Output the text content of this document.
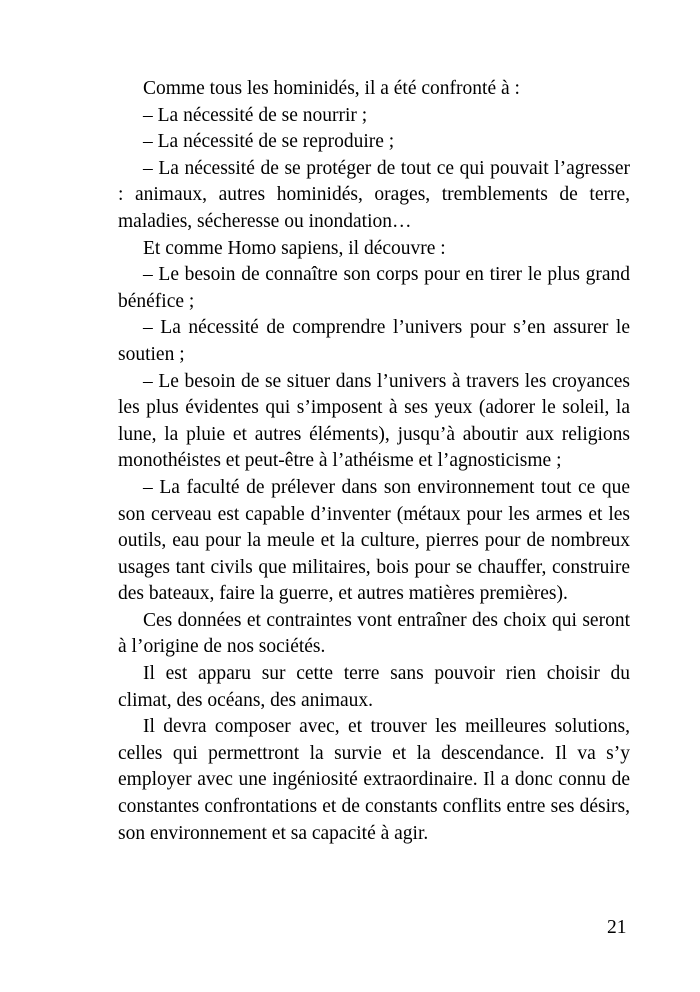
Comme tous les hominidés, il a été confronté à :

– La nécessité de se nourrir ;

– La nécessité de se reproduire ;

– La nécessité de se protéger de tout ce qui pouvait l’agresser : animaux, autres hominidés, orages, tremblements de terre, maladies, sécheresse ou inondation…

Et comme Homo sapiens, il découvre :

– Le besoin de connaître son corps pour en tirer le plus grand bénéfice ;

– La nécessité de comprendre l’univers pour s’en assurer le soutien ;

– Le besoin de se situer dans l’univers à travers les croyances les plus évidentes qui s’imposent à ses yeux (adorer le soleil, la lune, la pluie et autres éléments), jusqu’à aboutir aux religions monothéistes et peut-être à l’athéisme et l’agnosticisme ;

– La faculté de prélever dans son environnement tout ce que son cerveau est capable d’inventer (métaux pour les armes et les outils, eau pour la meule et la culture, pierres pour de nombreux usages tant civils que militaires, bois pour se chauffer, construire des bateaux, faire la guerre, et autres matières premières).

Ces données et contraintes vont entraîner des choix qui seront à l’origine de nos sociétés.

Il est apparu sur cette terre sans pouvoir rien choisir du climat, des océans, des animaux.

Il devra composer avec, et trouver les meilleures solutions, celles qui permettront la survie et la descendance. Il va s’y employer avec une ingéniosité extraordinaire. Il a donc connu de constantes confrontations et de constants conflits entre ses désirs, son environnement et sa capacité à agir.

21
